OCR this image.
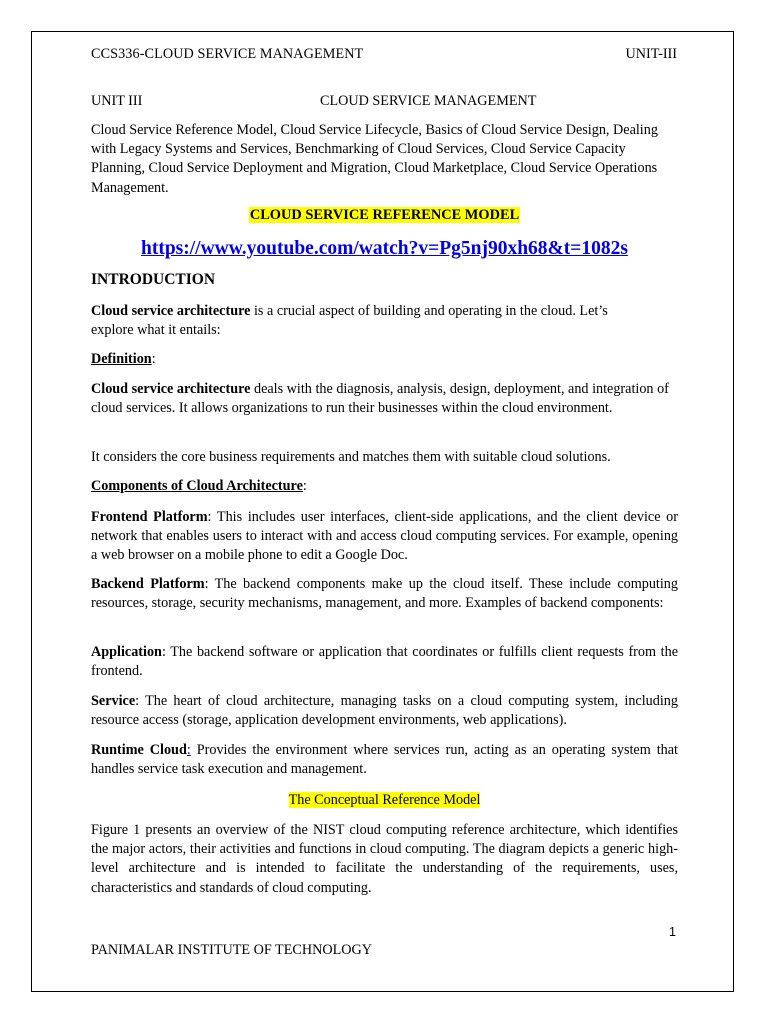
CCS336-CLOUD SERVICE MANAGEMENT	UNIT-III
UNIT III	CLOUD SERVICE MANAGEMENT
Cloud Service Reference Model, Cloud Service Lifecycle, Basics of Cloud Service Design, Dealing with Legacy Systems and Services, Benchmarking of Cloud Services, Cloud Service Capacity Planning, Cloud Service Deployment and Migration, Cloud Marketplace, Cloud Service Operations Management.
CLOUD SERVICE REFERENCE MODEL
https://www.youtube.com/watch?v=Pg5nj90xh68&t=1082s
INTRODUCTION
Cloud service architecture is a crucial aspect of building and operating in the cloud. Let’s
explore what it entails:
Definition:
Cloud service architecture deals with the diagnosis, analysis, design, deployment, and integration of cloud services. It allows organizations to run their businesses within the cloud environment.
It considers the core business requirements and matches them with suitable cloud solutions.
Components of Cloud Architecture:
Frontend Platform: This includes user interfaces, client-side applications, and the client device or network that enables users to interact with and access cloud computing services. For example, opening a web browser on a mobile phone to edit a Google Doc.
Backend Platform: The backend components make up the cloud itself. These include computing resources, storage, security mechanisms, management, and more. Examples of backend components:
Application: The backend software or application that coordinates or fulfills client requests from the frontend.
Service: The heart of cloud architecture, managing tasks on a cloud computing system, including resource access (storage, application development environments, web applications).
Runtime Cloud: Provides the environment where services run, acting as an operating system that handles service task execution and management.
The Conceptual Reference Model
Figure 1 presents an overview of the NIST cloud computing reference architecture, which identifies the major actors, their activities and functions in cloud computing. The diagram depicts a generic high-level architecture and is intended to facilitate the understanding of the requirements, uses, characteristics and standards of cloud computing.
1
PANIMALAR INSTITUTE OF TECHNOLOGY
